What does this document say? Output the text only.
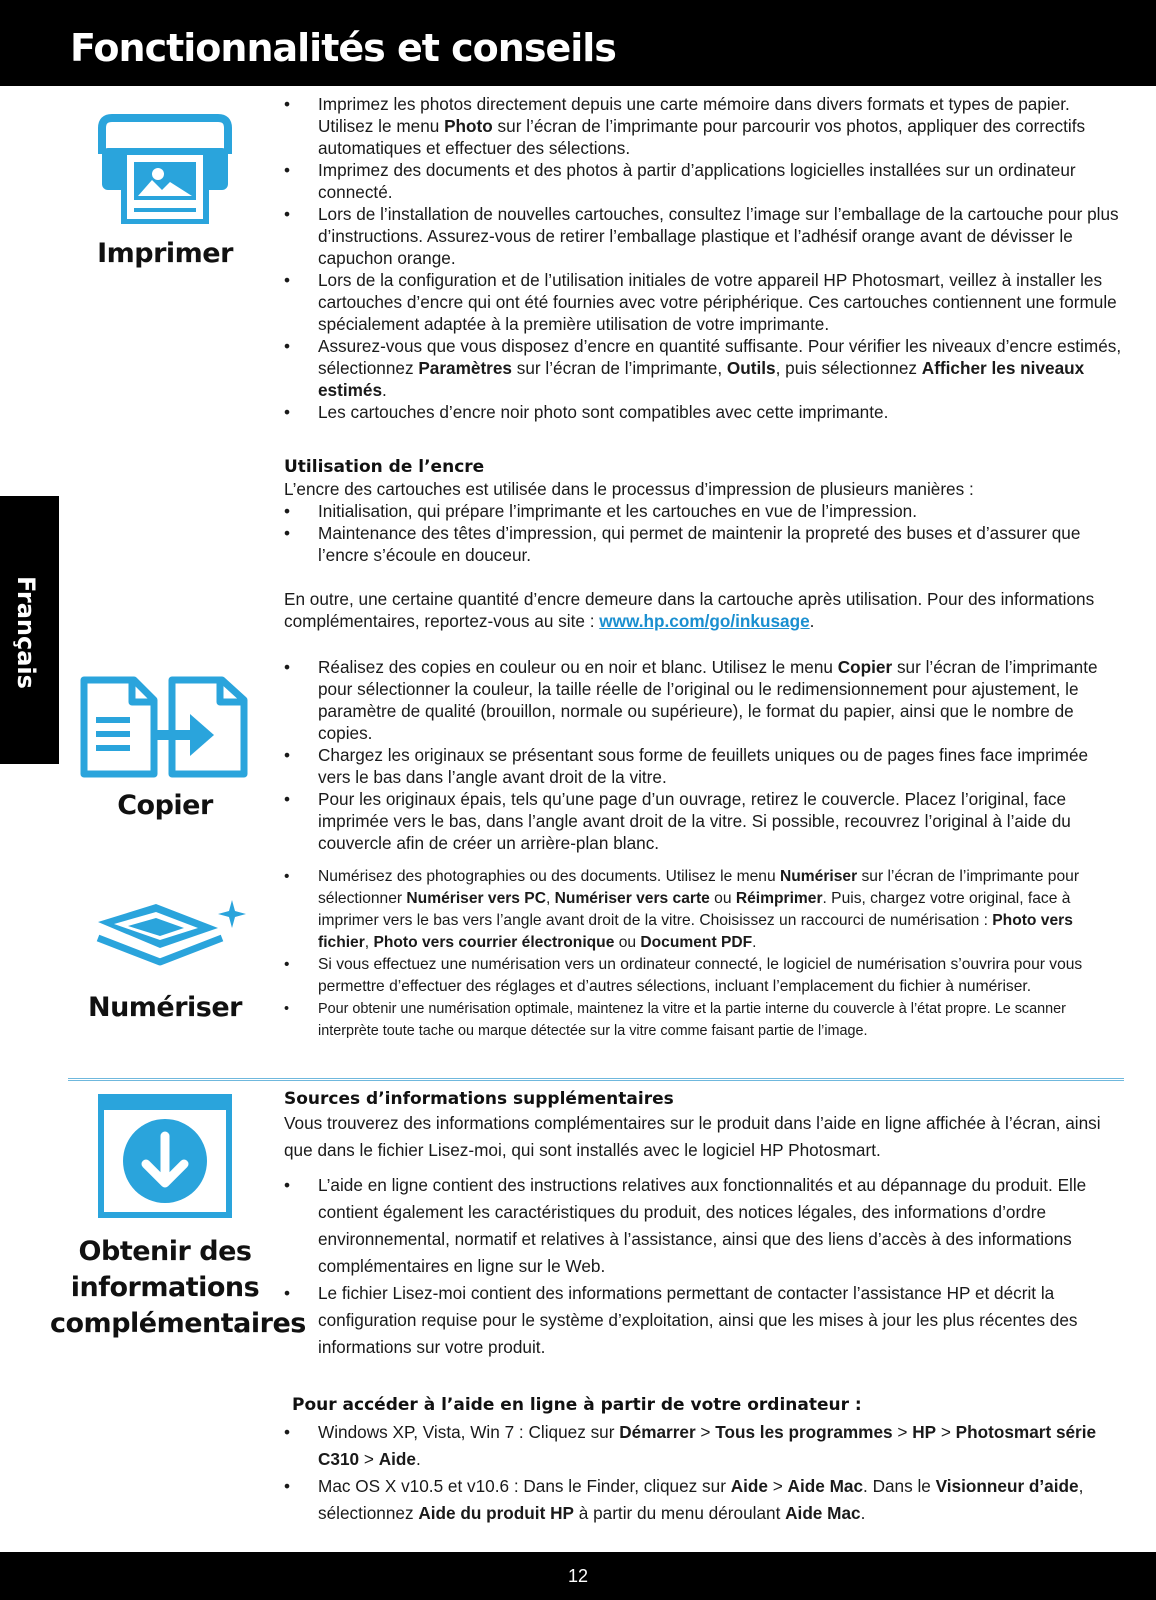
Fonctionnalités et conseils
Français
Imprimer
Copier
Numériser
Obtenir des
informations
complémentaires
• Imprimez les photos directement depuis une carte mémoire dans divers formats et types de papier. Utilisez le menu Photo sur l’écran de l’imprimante pour parcourir vos photos, appliquer des correctifs automatiques et effectuer des sélections.
• Imprimez des documents et des photos à partir d’applications logicielles installées sur un ordinateur connecté.
• Lors de l’installation de nouvelles cartouches, consultez l’image sur l’emballage de la cartouche pour plus d’instructions. Assurez-vous de retirer l’emballage plastique et l’adhésif orange avant de dévisser le capuchon orange.
• Lors de la configuration et de l’utilisation initiales de votre appareil HP Photosmart, veillez à installer les cartouches d’encre qui ont été fournies avec votre périphérique. Ces cartouches contiennent une formule spécialement adaptée à la première utilisation de votre imprimante.
• Assurez-vous que vous disposez d’encre en quantité suffisante. Pour vérifier les niveaux d’encre estimés, sélectionnez Paramètres sur l’écran de l’imprimante, Outils, puis sélectionnez Afficher les niveaux estimés.
• Les cartouches d’encre noir photo sont compatibles avec cette imprimante.
Utilisation de l’encre
L’encre des cartouches est utilisée dans le processus d’impression de plusieurs manières :
• Initialisation, qui prépare l’imprimante et les cartouches en vue de l’impression.
• Maintenance des têtes d’impression, qui permet de maintenir la propreté des buses et d’assurer que l’encre s’écoule en douceur.
En outre, une certaine quantité d’encre demeure dans la cartouche après utilisation. Pour des informations complémentaires, reportez-vous au site : www.hp.com/go/inkusage.
• Réalisez des copies en couleur ou en noir et blanc. Utilisez le menu Copier sur l’écran de l’imprimante pour sélectionner la couleur, la taille réelle de l’original ou le redimensionnement pour ajustement, le paramètre de qualité (brouillon, normale ou supérieure), le format du papier, ainsi que le nombre de copies.
• Chargez les originaux se présentant sous forme de feuillets uniques ou de pages fines face imprimée vers le bas dans l’angle avant droit de la vitre.
• Pour les originaux épais, tels qu’une page d’un ouvrage, retirez le couvercle. Placez l’original, face imprimée vers le bas, dans l’angle avant droit de la vitre. Si possible, recouvrez l’original à l’aide du couvercle afin de créer un arrière-plan blanc.
• Numérisez des photographies ou des documents. Utilisez le menu Numériser sur l’écran de l’imprimante pour sélectionner Numériser vers PC, Numériser vers carte ou Réimprimer. Puis, chargez votre original, face à imprimer vers le bas vers l’angle avant droit de la vitre. Choisissez un raccourci de numérisation : Photo vers fichier, Photo vers courrier électronique ou Document PDF.
• Si vous effectuez une numérisation vers un ordinateur connecté, le logiciel de numérisation s’ouvrira pour vous permettre d’effectuer des réglages et d’autres sélections, incluant l’emplacement du fichier à numériser.
• Pour obtenir une numérisation optimale, maintenez la vitre et la partie interne du couvercle à l’état propre. Le scanner interprète toute tache ou marque détectée sur la vitre comme faisant partie de l’image.
Sources d’informations supplémentaires
Vous trouverez des informations complémentaires sur le produit dans l’aide en ligne affichée à l’écran, ainsi que dans le fichier Lisez-moi, qui sont installés avec le logiciel HP Photosmart.
• L’aide en ligne contient des instructions relatives aux fonctionnalités et au dépannage du produit. Elle contient également les caractéristiques du produit, des notices légales, des informations d’ordre environnemental, normatif et relatives à l’assistance, ainsi que des liens d’accès à des informations complémentaires en ligne sur le Web.
• Le fichier Lisez-moi contient des informations permettant de contacter l’assistance HP et décrit la configuration requise pour le système d’exploitation, ainsi que les mises à jour les plus récentes des informations sur votre produit.
Pour accéder à l’aide en ligne à partir de votre ordinateur :
• Windows XP, Vista, Win 7 : Cliquez sur Démarrer > Tous les programmes > HP > Photosmart série C310 > Aide.
• Mac OS X v10.5 et v10.6 : Dans le Finder, cliquez sur Aide > Aide Mac. Dans le Visionneur d’aide, sélectionnez Aide du produit HP à partir du menu déroulant Aide Mac.
12
